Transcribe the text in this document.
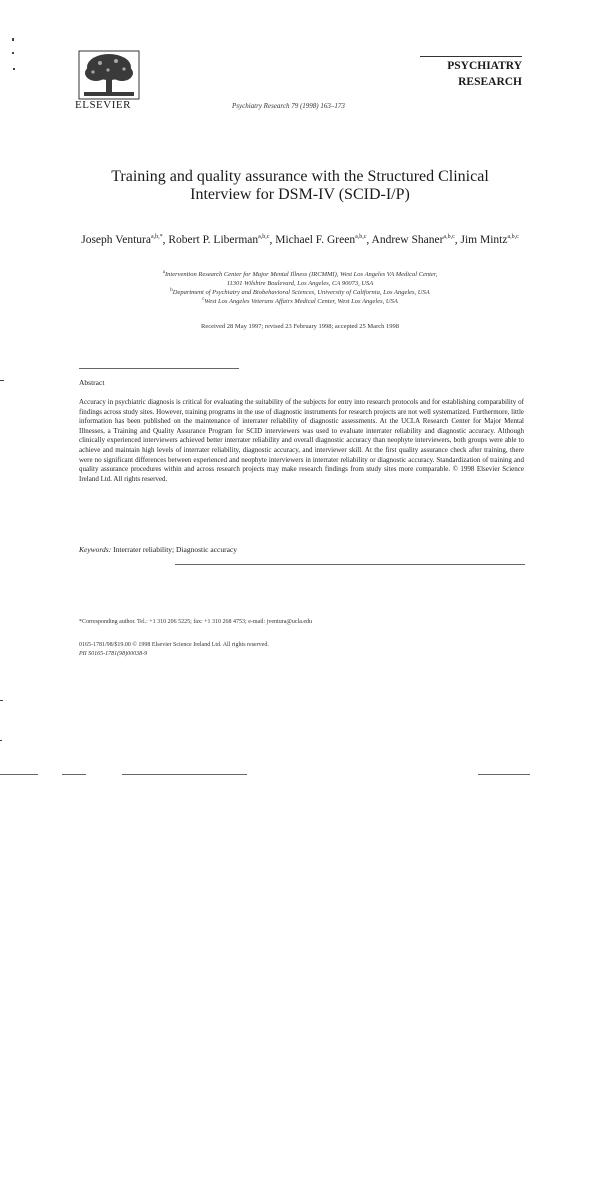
ELSEVIER	Psychiatry Research 79 (1998) 163–173
PSYCHIATRY
RESEARCH
Training and quality assurance with the Structured Clinical
Interview for DSM-IV (SCID-I/P)
Joseph Ventura$^{a,b,*}$, Robert P. Liberman$^{a,b,c}$, Michael F. Green$^{a,b,c}$, Andrew Shaner$^{a,b,c}$, Jim Mintz$^{a,b,c}$
$^a$Intervention Research Center for Major Mental Illness (IRCMMI), West Los Angeles VA Medical Center,
11301 Wilshire Boulevard, Los Angeles, CA 90073, USA
$^b$Department of Psychiatry and Biobehavioral Sciences, University of California, Los Angeles, USA
$^c$West Los Angeles Veterans Affairs Medical Center, West Los Angeles, USA
Received 28 May 1997; revised 23 February 1998; accepted 25 March 1998
Abstract
Accuracy in psychiatric diagnosis is critical for evaluating the suitability of the subjects for entry into research protocols and for establishing comparability of findings across study sites. However, training programs in the use of diagnostic instruments for research projects are not well systematized. Furthermore, little information has been published on the maintenance of interrater reliability of diagnostic assessments. At the UCLA Research Center for Major Mental Illnesses, a Training and Quality Assurance Program for SCID interviewers was used to evaluate interrater reliability and diagnostic accuracy. Although clinically experienced interviewers achieved better interrater reliability and overall diagnostic accuracy than neophyte interviewers, both groups were able to achieve and maintain high levels of interrater reliability, diagnostic accuracy, and interviewer skill. At the first quality assurance check after training, there were no significant differences between experienced and neophyte interviewers in interrater reliability or diagnostic accuracy. Standardization of training and quality assurance procedures within and across research projects may make research findings from study sites more comparable. © 1998 Elsevier Science Ireland Ltd. All rights reserved.
Keywords: Interrater reliability; Diagnostic accuracy
*Corresponding author. Tel.: +1 310 206 5225; fax: +1 310 268 4753; e-mail: jventura@ucla.edu
0165-1781/98/$19.00 © 1998 Elsevier Science Ireland Ltd. All rights reserved.
PII S0165-1781(98)00038-9
